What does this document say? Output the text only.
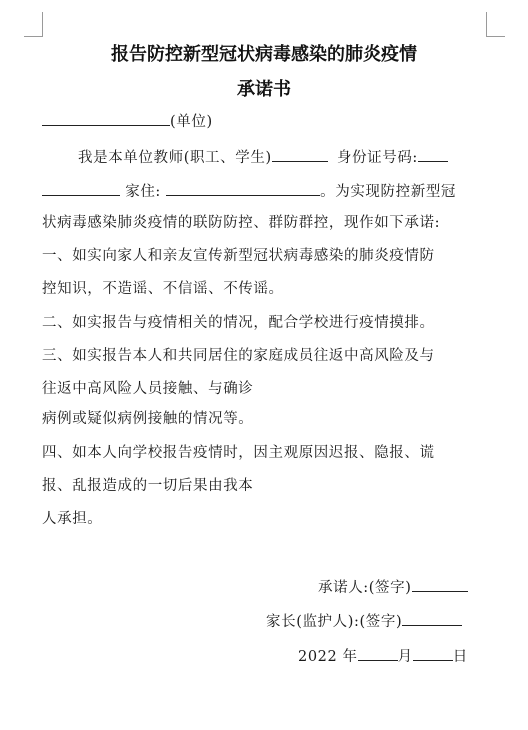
报告防控新型冠状病毒感染的肺炎疫情
承诺书
(单位)
我是本单位教师(职工、学生)	身份证号码:
家住:	。为实现防控新型冠
状病毒感染肺炎疫情的联防防控、群防群控，现作如下承诺:
一、如实向家人和亲友宣传新型冠状病毒感染的肺炎疫情防
控知识，不造谣、不信谣、不传谣。
二、如实报告与疫情相关的情况，配合学校进行疫情摸排。
三、如实报告本人和共同居住的家庭成员往返中高风险及与
往返中高风险人员接触、与确诊
病例或疑似病例接触的情况等。
四、如本人向学校报告疫情时，因主观原因迟报、隐报、谎
报、乱报造成的一切后果由我本
人承担。
承诺人:(签字)
家长(监护人):(签字)
2022 年	月	日
